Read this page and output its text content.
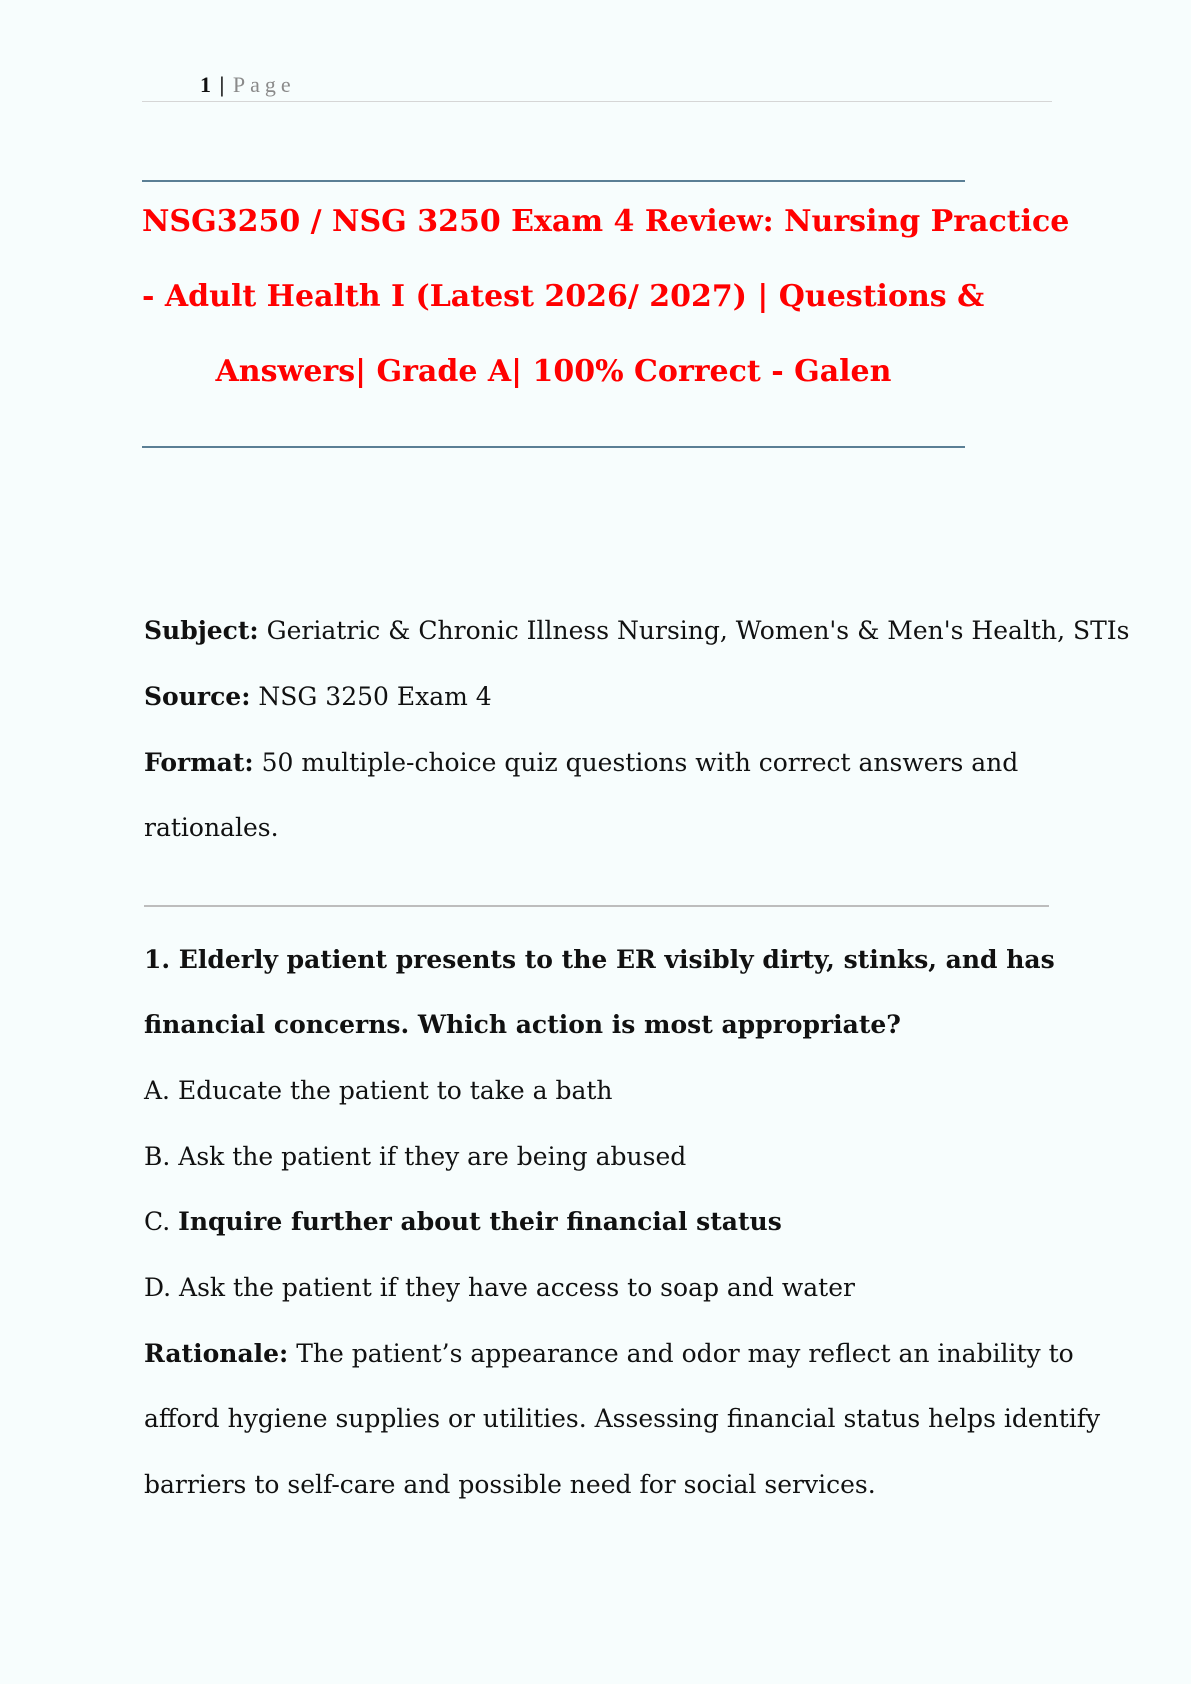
1 | Page
NSG3250 / NSG 3250 Exam 4 Review: Nursing Practice
- Adult Health I (Latest 2026/ 2027) | Questions &
Answers| Grade A| 100% Correct - Galen
Subject: Geriatric & Chronic Illness Nursing, Women's & Men's Health, STIs
Source: NSG 3250 Exam 4
Format: 50 multiple-choice quiz questions with correct answers and
rationales.
1. Elderly patient presents to the ER visibly dirty, stinks, and has
financial concerns. Which action is most appropriate?
A. Educate the patient to take a bath
B. Ask the patient if they are being abused
C. Inquire further about their financial status
D. Ask the patient if they have access to soap and water
Rationale: The patient’s appearance and odor may reflect an inability to
afford hygiene supplies or utilities. Assessing financial status helps identify
barriers to self-care and possible need for social services.
